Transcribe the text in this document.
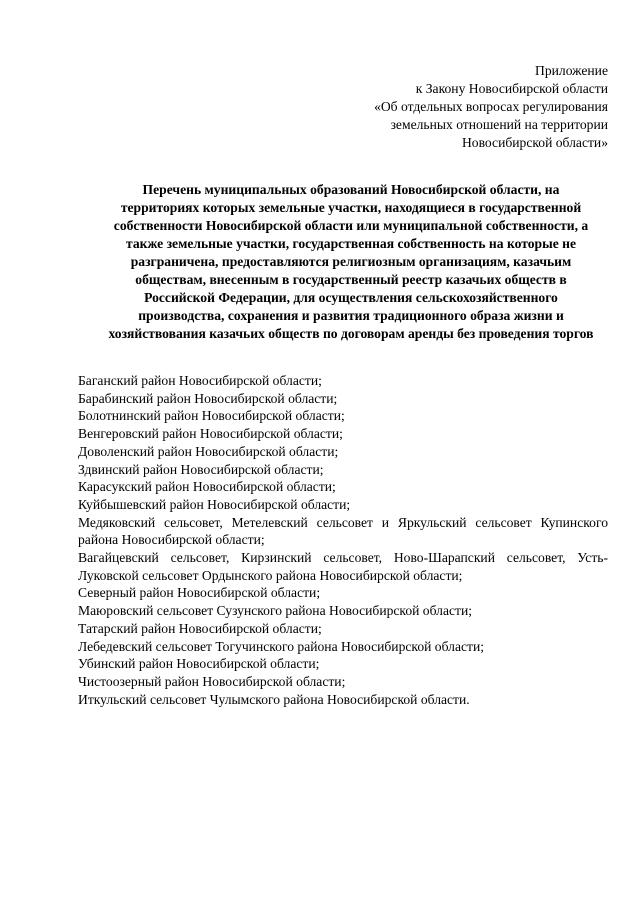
Приложение
к Закону Новосибирской области
«Об отдельных вопросах регулирования
земельных отношений на территории
Новосибирской области»
Перечень муниципальных образований Новосибирской области, на территориях которых земельные участки, находящиеся в государственной собственности Новосибирской области или муниципальной собственности, а также земельные участки, государственная собственность на которые не разграничена, предоставляются религиозным организациям, казачьим обществам, внесенным в государственный реестр казачьих обществ в Российской Федерации, для осуществления сельскохозяйственного производства, сохранения и развития традиционного образа жизни и хозяйствования казачьих обществ по договорам аренды без проведения торгов
Баганский район Новосибирской области;
Барабинский район Новосибирской области;
Болотнинский район Новосибирской области;
Венгеровский район Новосибирской области;
Доволенский район Новосибирской области;
Здвинский район Новосибирской области;
Карасукский район Новосибирской области;
Куйбышевский район Новосибирской области;
Медяковский сельсовет, Метелевский сельсовет и Яркульский сельсовет Купинского района Новосибирской области;
Вагайцевский сельсовет, Кирзинский сельсовет, Ново-Шарапский сельсовет, Усть-Луковской сельсовет Ордынского района Новосибирской области;
Северный район Новосибирской области;
Маюровский сельсовет Сузунского района Новосибирской области;
Татарский район Новосибирской области;
Лебедевский сельсовет Тогучинского района Новосибирской области;
Убинский район Новосибирской области;
Чистоозерный район Новосибирской области;
Иткульский сельсовет Чулымского района Новосибирской области.
